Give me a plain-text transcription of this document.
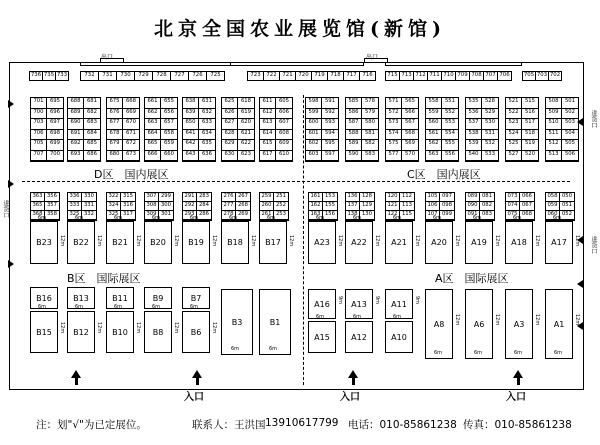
北京全国农业展览馆(新馆)
出口	出口
进货口
进货口
进货口
736 735 733	732	731	730	729	728	727	726	725	723	722	721	720	719	718	717	716	715 713 712 711 710 709 708 707 706	705 703 702
701	695
700	696
703	697
706	698
705	699
707	700
688	681
689	682
690	683
691	684
692	685
693	686
675	668
676	669
677	670
678	671
679	672
680	673
661	655
662	656
663	657
664	658
665	659
666	660
638	631
639	632
650	633
641	634
642	635
643	636
625	618
626	619
627	620
628	621
629	622
630	623
611	605
612	606
613	607
614	608
615	609
617	610
598	591
599	592
600	593
601	594
602	595
603	597
585	578
586	579
587	580
588	581
589	582
590	583
571	565
572	566
573	567
574	568
575	569
577	570
558	551
559	552
560	553
561	554
562	555
563	556
535	528
536	529
537	530
538	531
539	532
540	533
521	515
522	516
523	517
524	518
525	519
527	520
508	501
509	502
510	503
511	504
512	505
513	506
D区　国内展区	C区　国内展区
363 356
365 357
368 358
B23
6m
12m
336 330
333 331
325 332
B22
6m
12m
322 315
324 316
325 317
B21
6m
12m
307 299
308 300
309 301
B20
6m
12m
291 283
292 284
293 286
B19
6m
12m
276 267
277 268
278 269
B18
6m
12m
259 251
260 252
261 253
B17
6m
12m
161 153
162 155
163 156
A23
6m
12m
136 128
137 129
138 130
A22
6m
12m
120 112
121 113
122 115
A21
6m
12m
105 097
106 098
107 099
A20
6m
12m
089 081
090 082
091 083
A19
6m
12m
073 066
074 067
075 068
A18
6m
12m
058 050
059 051
060 052
A17
6m
12m
B区　国际展区	A区　国际展区
B16
B15
6m
12m
B13
B12
6m
12m
B11
B10
6m
12m
B9
B8
6m
12m
B7
B6
6m
12m	B3
6m
B1
6m
A16
A15
6m
9m	A13
A12
6m
9m	A11
A10
6m
9m
A8
6m
12m	A6
6m
12m	A3
6m
12m	A1
6m
12m
入口	入口	入口
注：划"√"为已定展位。	联系人：王洪国 13910617799 电话：010-85861238 传真：010-85861238
